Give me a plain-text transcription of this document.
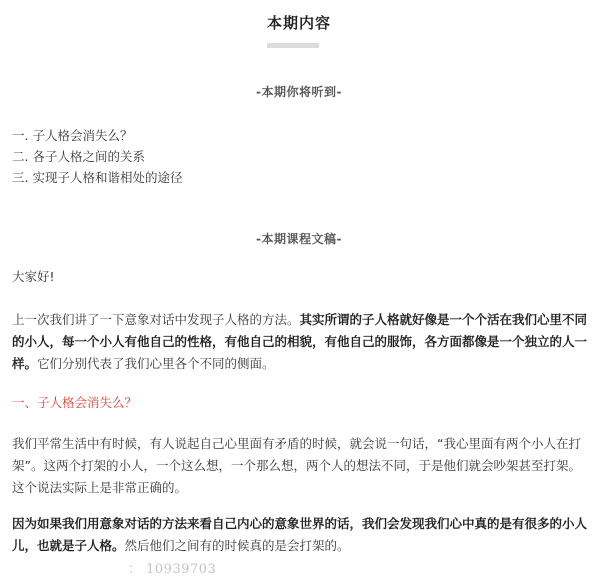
本期内容
-本期你将听到-
一. 子人格会消失么？
二. 各子人格之间的关系
三. 实现子人格和谐相处的途径
-本期课程文稿-

大家好!

上一次我们讲了一下意象对话中发现子人格的方法。其实所谓的子人格就好像是一个个活在我们心里不同的小人，每一个小人有他自己的性格，有他自己的相貌，有他自己的服饰，各方面都像是一个独立的人一样。它们分别代表了我们心里各个不同的侧面。

一、子人格会消失么？

我们平常生活中有时候，有人说起自己心里面有矛盾的时候，就会说一句话，“我心里面有两个小人在打架”。这两个打架的小人，一个这么想，一个那么想，两个人的想法不同，于是他们就会吵架甚至打架。这个说法实际上是非常正确的。

因为如果我们用意象对话的方法来看自己内心的意象世界的话，我们会发现我们心中真的是有很多的小人儿，也就是子人格。然后他们之间有的时候真的是会打架的。

： 10939703
